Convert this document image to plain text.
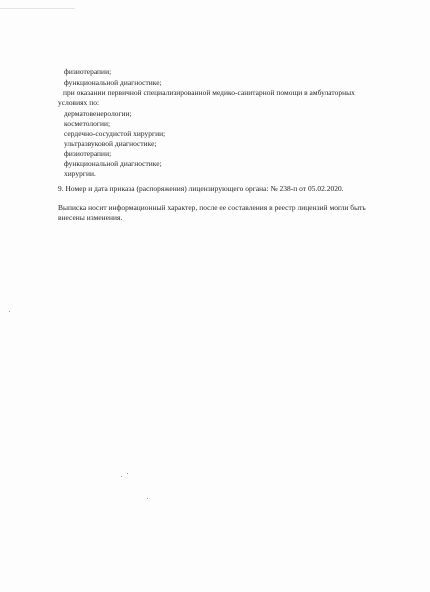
физиотерапии;
функциональной диагностике;
при оказании первичной специализированной медико-санитарной помощи в амбулаторных
условиях по:
дерматовенерологии;
косметологии;
сердечно-сосудистой хирургии;
ультразвуковой диагностике;
физиотерапии;
функциональной диагностике;
хирургии.
9. Номер и дата приказа (распоряжения) лицензирующего органа: № 238-п от 05.02.2020.
Выписка носит информационный характер, после ее составления в реестр лицензий могли быть
внесены изменения.
